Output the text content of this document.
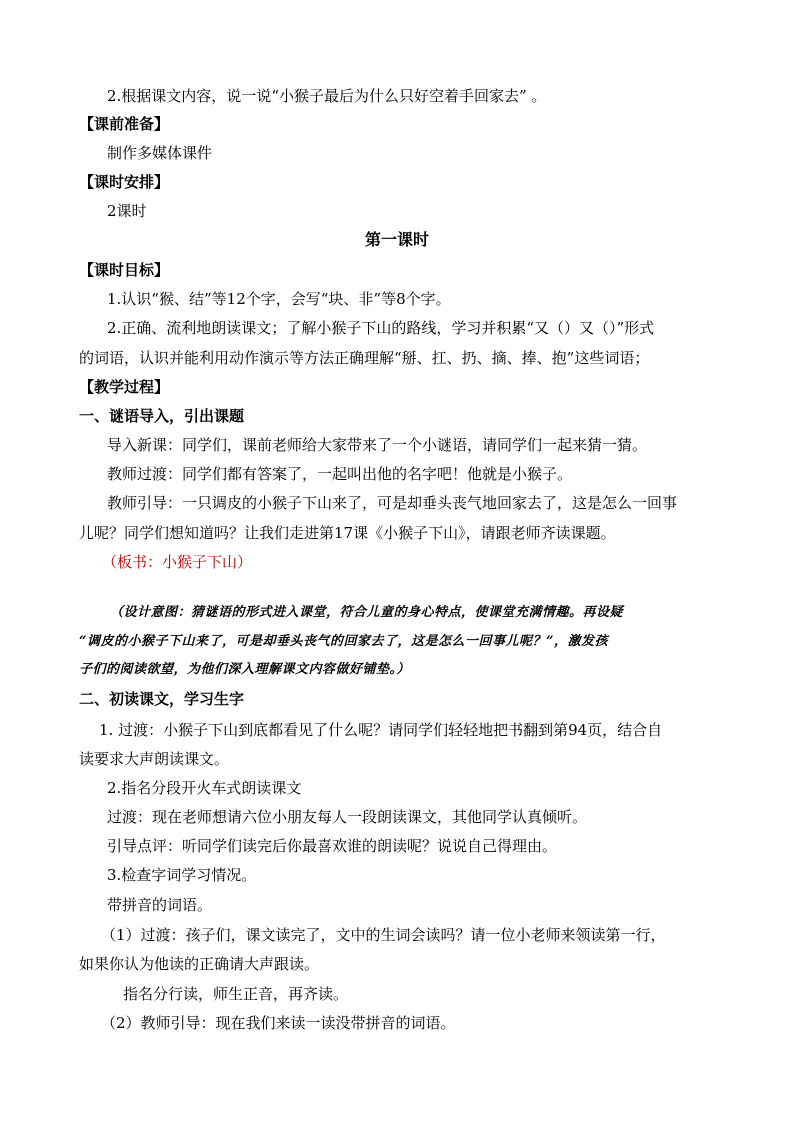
2.根据课文内容，说一说“小猴子最后为什么只好空着手回家去” 。
【课前准备】
制作多媒体课件
【课时安排】
2课时
第一课时
【课时目标】
1.认识“猴、结”等12个字，会写“块、非”等8个字。
2.正确、流利地朗读课文；了解小猴子下山的路线，学习并积累“又（）又（）”形式
的词语，认识并能利用动作演示等方法正确理解“掰、扛、扔、摘、捧、抱”这些词语；
【教学过程】
一、谜语导入，引出课题
导入新课：同学们，课前老师给大家带来了一个小谜语，请同学们一起来猜一猜。
教师过渡：同学们都有答案了，一起叫出他的名字吧！他就是小猴子。
教师引导：一只调皮的小猴子下山来了，可是却垂头丧气地回家去了，这是怎么一回事
儿呢？同学们想知道吗？让我们走进第17课《小猴子下山》，请跟老师齐读课题。
（板书：小猴子下山）
（设计意图：猜谜语的形式进入课堂，符合儿童的身心特点，使课堂充满情趣。再设疑
“调皮的小猴子下山来了，可是却垂头丧气的回家去了，这是怎么一回事儿呢？”，激发孩
子们的阅读欲望，为他们深入理解课文内容做好铺垫。）
二、初读课文，学习生字
1. 过渡：小猴子下山到底都看见了什么呢？请同学们轻轻地把书翻到第94页，结合自
读要求大声朗读课文。
2.指名分段开火车式朗读课文
过渡：现在老师想请六位小朋友每人一段朗读课文，其他同学认真倾听。
引导点评：听同学们读完后你最喜欢谁的朗读呢？说说自己得理由。
3.检查字词学习情况。
带拼音的词语。
（1）过渡：孩子们，课文读完了，文中的生词会读吗？请一位小老师来领读第一行，
如果你认为他读的正确请大声跟读。
指名分行读，师生正音，再齐读。
（2）教师引导：现在我们来读一读没带拼音的词语。
